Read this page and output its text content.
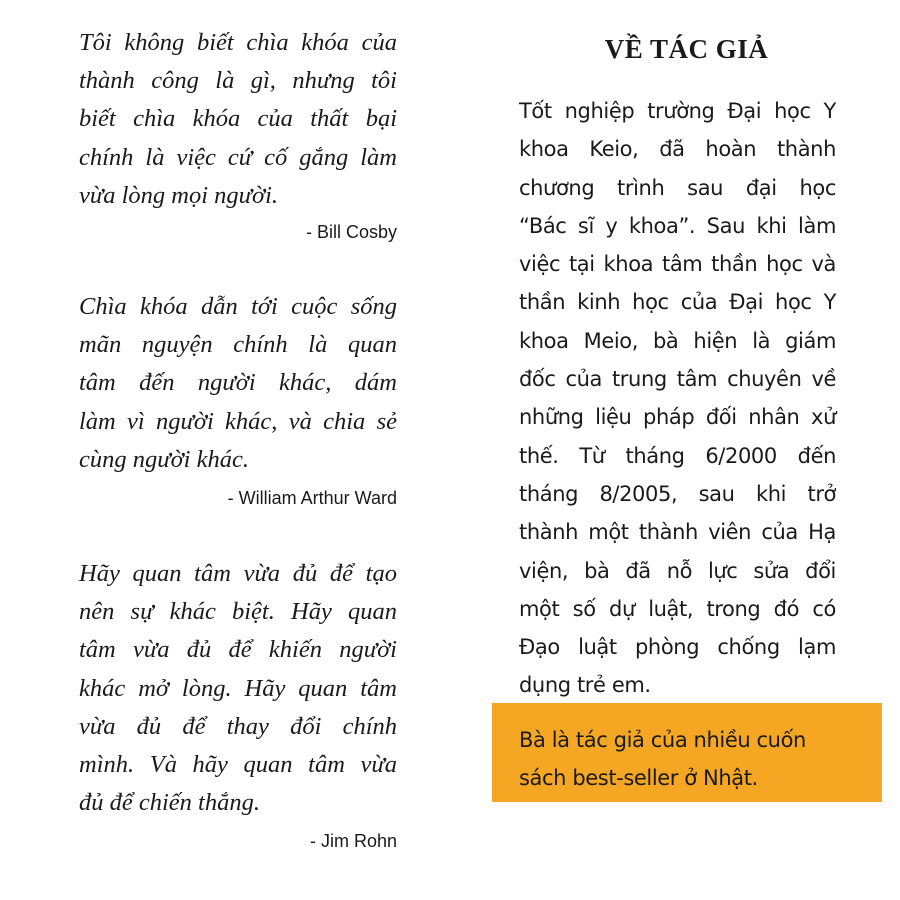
Tôi không biết chìa khóa của
thành công là gì, nhưng tôi
biết chìa khóa của thất bại
chính là việc cứ cố gắng làm
vừa lòng mọi người.
- Bill Cosby
Chìa khóa dẫn tới cuộc sống
mãn nguyện chính là quan
tâm đến người khác, dám
làm vì người khác, và chia sẻ
cùng người khác.
- William Arthur Ward
Hãy quan tâm vừa đủ để tạo
nên sự khác biệt. Hãy quan
tâm vừa đủ để khiến người
khác mở lòng. Hãy quan tâm
vừa đủ để thay đổi chính
mình. Và hãy quan tâm vừa
đủ để chiến thắng.
- Jim Rohn
VỀ TÁC GIẢ
Tốt nghiệp trường Đại học Y
khoa Keio, đã hoàn thành
chương trình sau đại học
“Bác sĩ y khoa”. Sau khi làm
việc tại khoa tâm thần học và
thần kinh học của Đại học Y
khoa Meio, bà hiện là giám
đốc của trung tâm chuyên về
những liệu pháp đối nhân xử
thế. Từ tháng 6/2000 đến
tháng 8/2005, sau khi trở
thành một thành viên của Hạ
viện, bà đã nỗ lực sửa đổi
một số dự luật, trong đó có
Đạo luật phòng chống lạm
dụng trẻ em.
Bà là tác giả của nhiều cuốn
sách best-seller ở Nhật.
